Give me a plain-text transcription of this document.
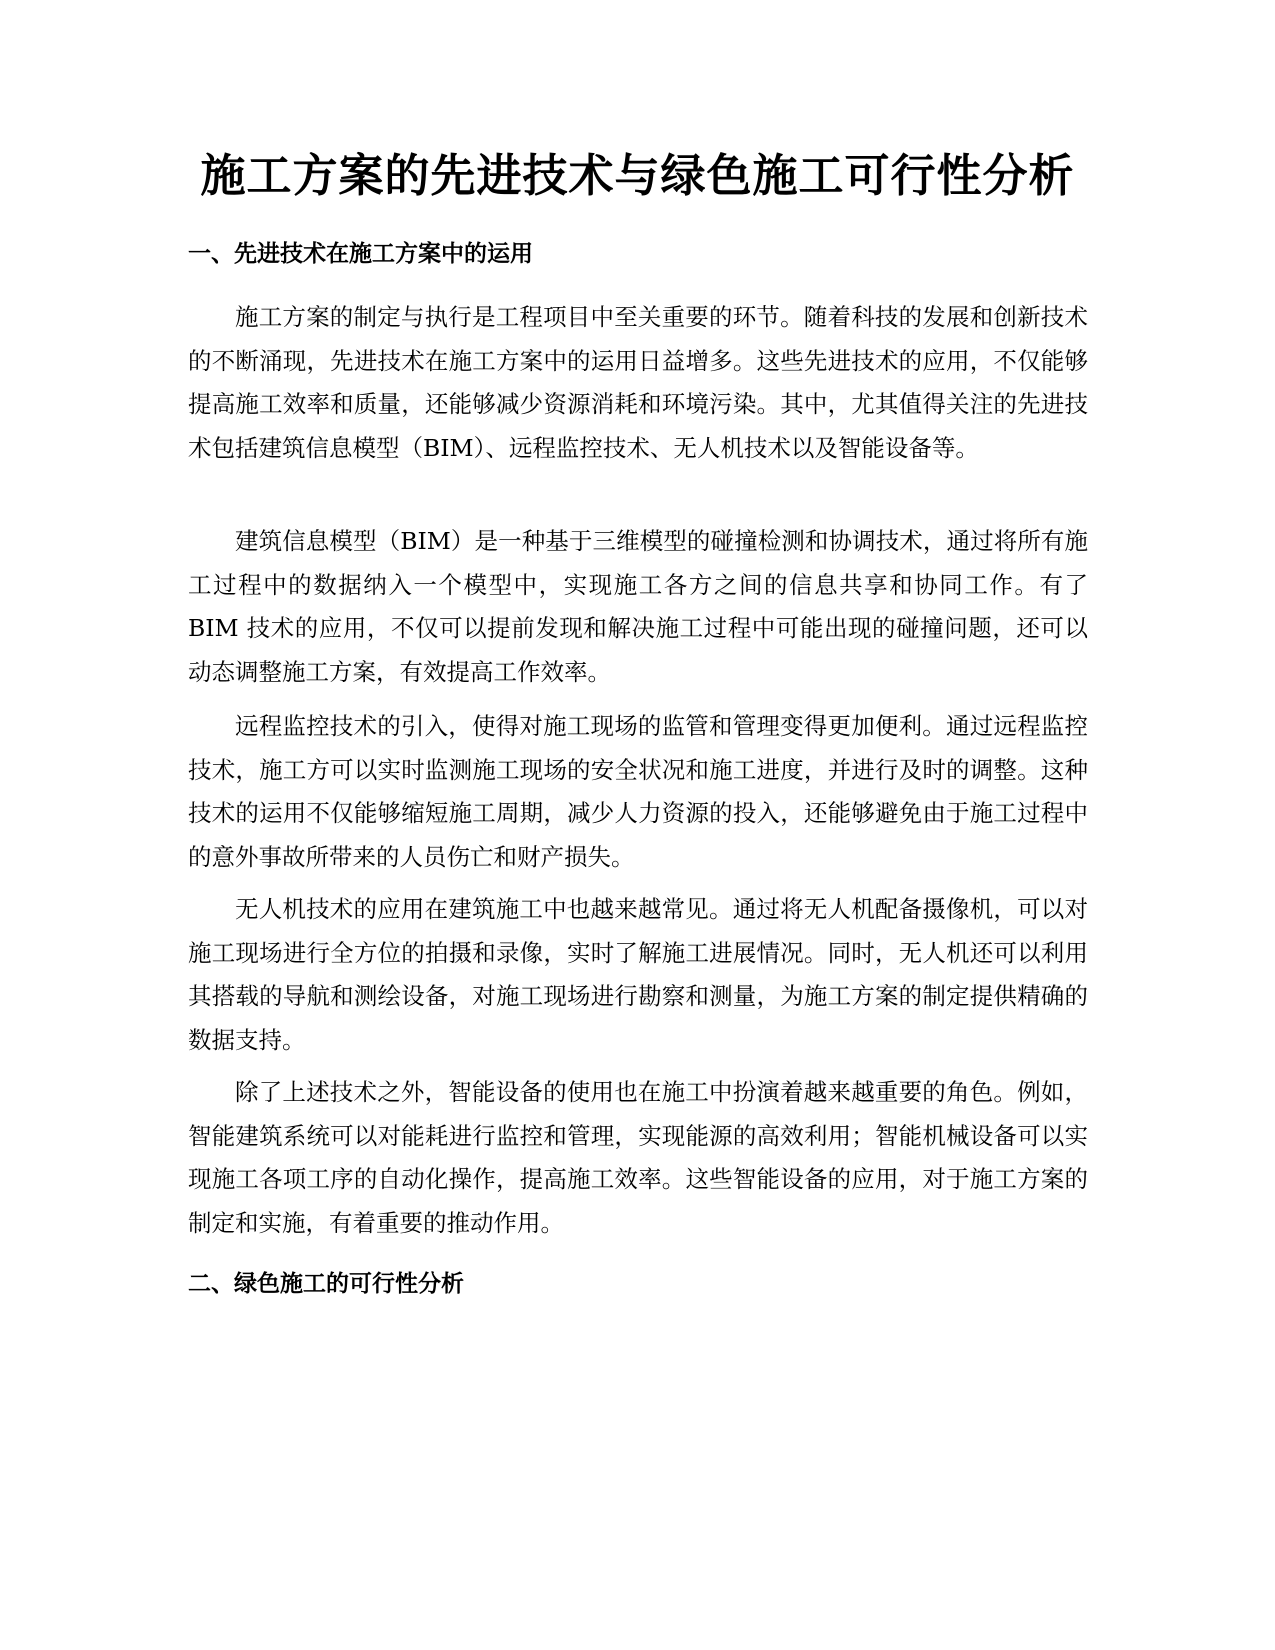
施工方案的先进技术与绿色施工可行性分析
一、先进技术在施工方案中的运用

施工方案的制定与执行是工程项目中至关重要的环节。随着科技的发展和创新技术的不断涌现，先进技术在施工方案中的运用日益增多。这些先进技术的应用，不仅能够提高施工效率和质量，还能够减少资源消耗和环境污染。其中，尤其值得关注的先进技术包括建筑信息模型（BIM）、远程监控技术、无人机技术以及智能设备等。

建筑信息模型（BIM）是一种基于三维模型的碰撞检测和协调技术，通过将所有施工过程中的数据纳入一个模型中，实现施工各方之间的信息共享和协同工作。有了 BIM 技术的应用，不仅可以提前发现和解决施工过程中可能出现的碰撞问题，还可以动态调整施工方案，有效提高工作效率。

远程监控技术的引入，使得对施工现场的监管和管理变得更加便利。通过远程监控技术，施工方可以实时监测施工现场的安全状况和施工进度，并进行及时的调整。这种技术的运用不仅能够缩短施工周期，减少人力资源的投入，还能够避免由于施工过程中的意外事故所带来的人员伤亡和财产损失。

无人机技术的应用在建筑施工中也越来越常见。通过将无人机配备摄像机，可以对施工现场进行全方位的拍摄和录像，实时了解施工进展情况。同时，无人机还可以利用其搭载的导航和测绘设备，对施工现场进行勘察和测量，为施工方案的制定提供精确的数据支持。

除了上述技术之外，智能设备的使用也在施工中扮演着越来越重要的角色。例如，智能建筑系统可以对能耗进行监控和管理，实现能源的高效利用；智能机械设备可以实现施工各项工序的自动化操作，提高施工效率。这些智能设备的应用，对于施工方案的制定和实施，有着重要的推动作用。

二、绿色施工的可行性分析
